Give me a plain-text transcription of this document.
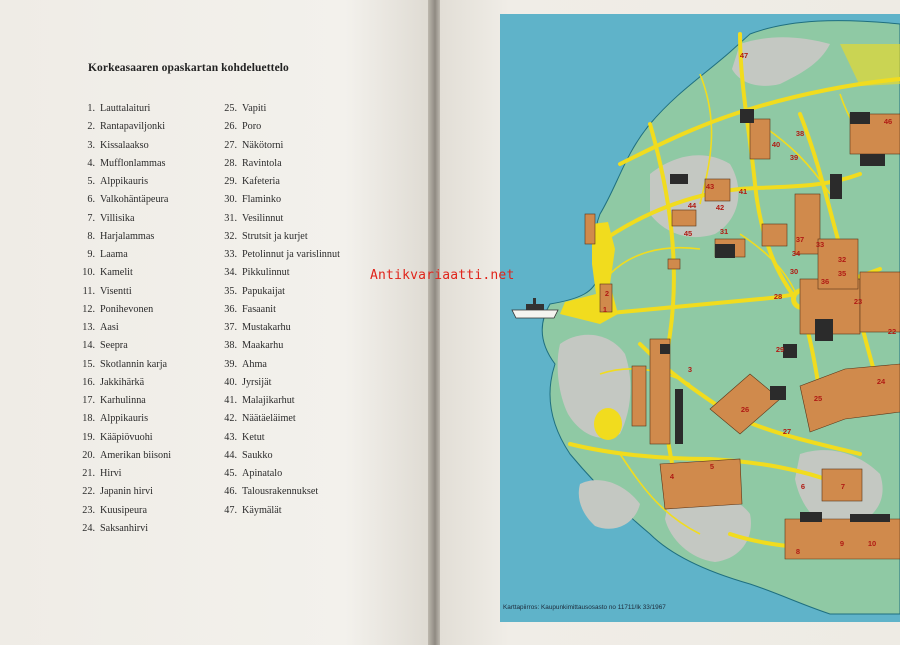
Korkeasaaren opaskartan kohdeluettelo
1. Lauttalaituri
2. Rantapaviljonki
3. Kissalaakso
4. Mufflonlammas
5. Alppikauris
6. Valkohäntäpeura
7. Villisika
8. Harjalammas
9. Laama
10. Kamelit
11. Visentti
12. Ponihevonen
13. Aasi
14. Seepra
15. Skotlannin karja
16. Jakkihärkä
17. Karhulinna
18. Alppikauris
19. Kääpiövuohi
20. Amerikan biisoni
21. Hirvi
22. Japanin hirvi
23. Kuusipeura
24. Saksanhirvi
25. Vapiti
26. Poro
27. Näkötorni
28. Ravintola
29. Kafeteria
30. Flaminko
31. Vesilinnut
32. Strutsit ja kurjet
33. Petolinnut ja varislinnut
34. Pikkulinnut
35. Papukaijat
36. Fasaanit
37. Mustakarhu
38. Maakarhu
39. Ahma
40. Jyrsijät
41. Malajikarhut
42. Näätäeläimet
43. Ketut
44. Saukko
45. Apinatalo
46. Talousrakennukset
47. Käymälät
47
46
40
39
38
43
41
44	42
45	31
37
33
34
32
36
35
30
28
29
27
25
26
24
23
22
3
4
5
6	7
8
9	10
1
2
Karttapiirros: Kaupunkimittausosasto no 11711/lk 33/1967
Antikvariaatti.net
